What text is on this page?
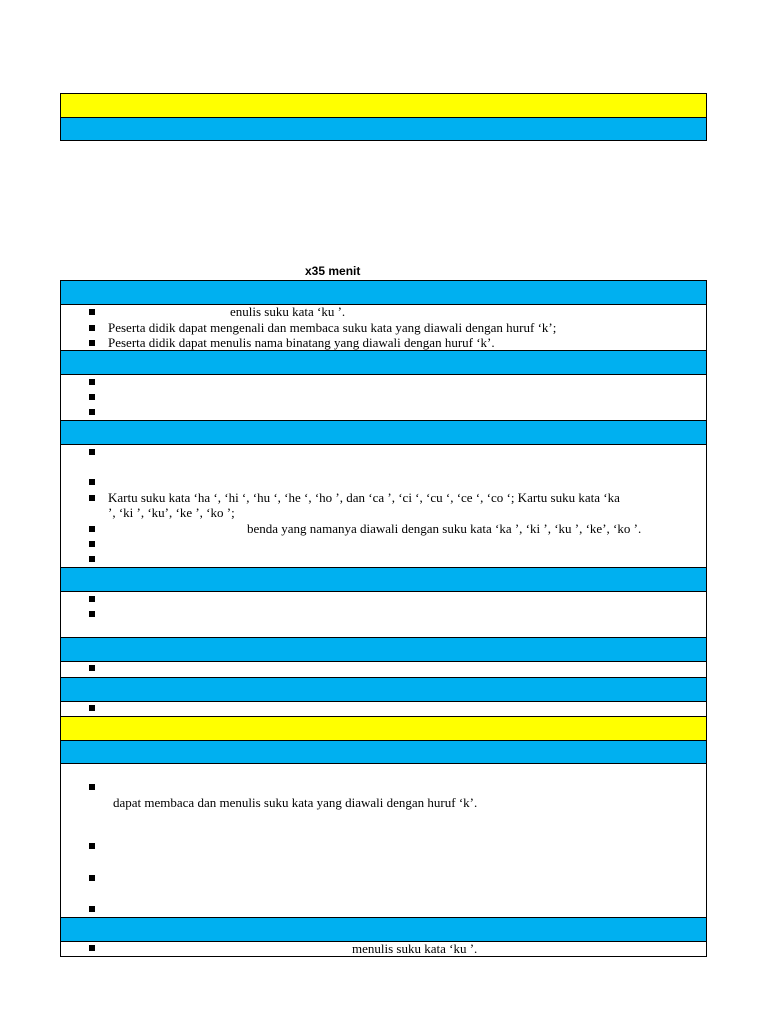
x35 menit
enulis suku kata ‘ku ’.
Peserta didik dapat mengenali dan membaca suku kata yang diawali dengan huruf ‘k’;
Peserta didik dapat menulis nama binatang yang diawali dengan huruf ‘k’.
Kartu suku kata ‘ha ‘, ‘hi ‘, ‘hu ‘, ‘he ‘, ‘ho ’, dan ‘ca ’, ‘ci ‘, ‘cu ‘, ‘ce ‘, ‘co ‘; Kartu suku kata ‘ka
’, ‘ki ’, ‘ku’, ‘ke ’, ‘ko ’;
benda yang namanya diawali dengan suku kata ‘ka ’, ‘ki ’, ‘ku ’, ‘ke’, ‘ko ’.
dapat membaca dan menulis suku kata yang diawali dengan huruf ‘k’.
menulis suku kata ‘ku ’.
